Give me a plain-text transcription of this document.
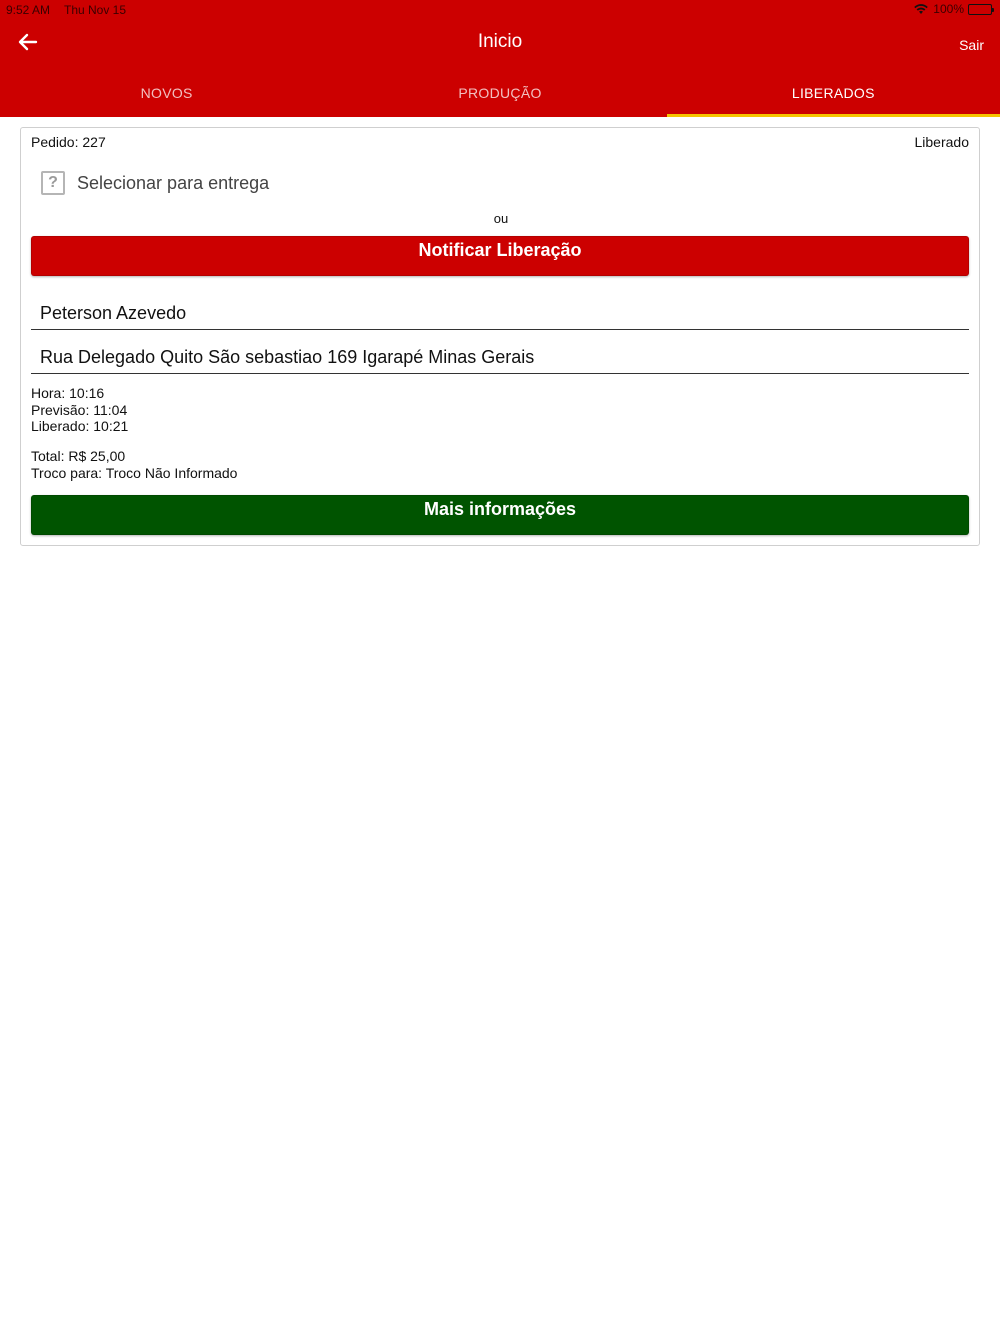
9:52 AM Thu Nov 15	100%
Inicio	Sair
NOVOS	PRODUÇÃO	LIBERADOS
Pedido: 227	Liberado
?	Selecionar para entrega
ou
Notificar Liberação
Peterson Azevedo
Rua Delegado Quito São sebastiao 169 Igarapé Minas Gerais
Hora: 10:16
Previsão: 11:04
Liberado: 10:21
Total: R$ 25,00
Troco para: Troco Não Informado
Mais informações
